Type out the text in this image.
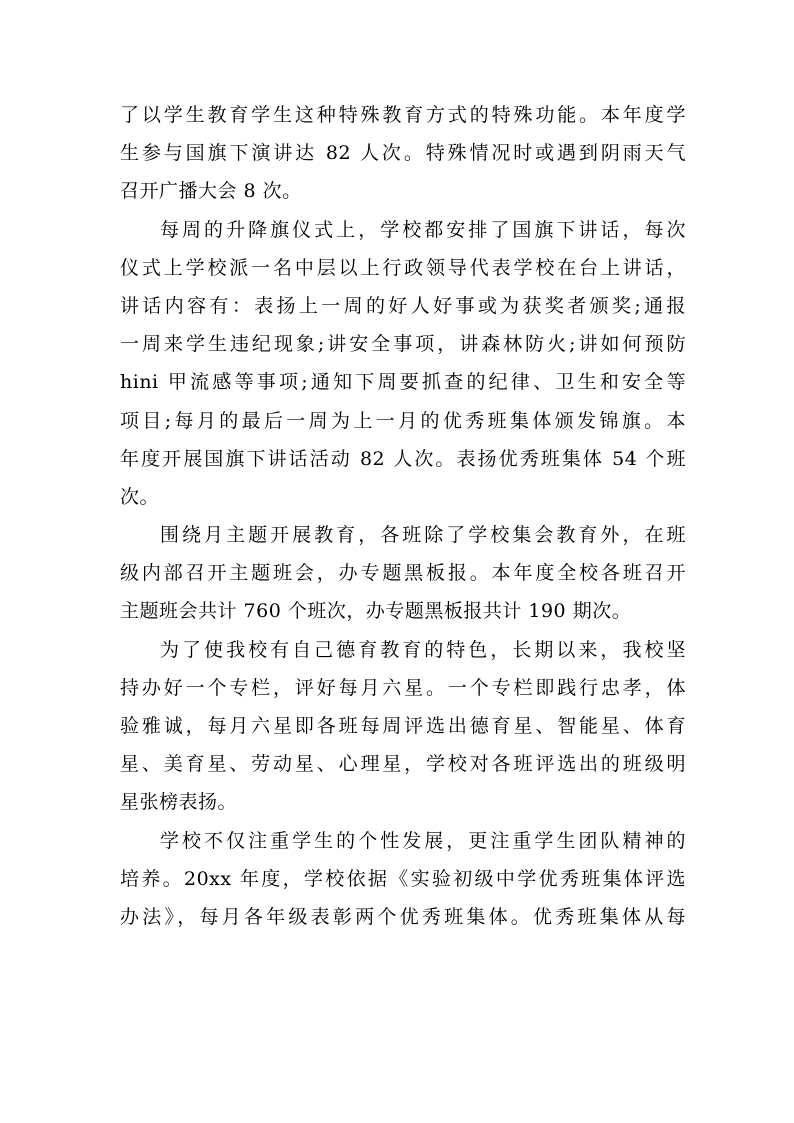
了以学生教育学生这种特殊教育方式的特殊功能。本年度学
生参与国旗下演讲达 82 人次。特殊情况时或遇到阴雨天气
召开广播大会 8 次。
每周的升降旗仪式上，学校都安排了国旗下讲话，每次
仪式上学校派一名中层以上行政领导代表学校在台上讲话，
讲话内容有：表扬上一周的好人好事或为获奖者颁奖;通报
一周来学生违纪现象;讲安全事项，讲森林防火;讲如何预防
hini 甲流感等事项;通知下周要抓查的纪律、卫生和安全等
项目;每月的最后一周为上一月的优秀班集体颁发锦旗。本
年度开展国旗下讲话活动 82 人次。表扬优秀班集体 54 个班
次。
围绕月主题开展教育，各班除了学校集会教育外，在班
级内部召开主题班会，办专题黑板报。本年度全校各班召开
主题班会共计 760 个班次，办专题黑板报共计 190 期次。
为了使我校有自己德育教育的特色，长期以来，我校坚
持办好一个专栏，评好每月六星。一个专栏即践行忠孝，体
验雅诚，每月六星即各班每周评选出德育星、智能星、体育
星、美育星、劳动星、心理星，学校对各班评选出的班级明
星张榜表扬。
学校不仅注重学生的个性发展，更注重学生团队精神的
培养。20xx 年度，学校依据《实验初级中学优秀班集体评选
办法》，每月各年级表彰两个优秀班集体。优秀班集体从每
